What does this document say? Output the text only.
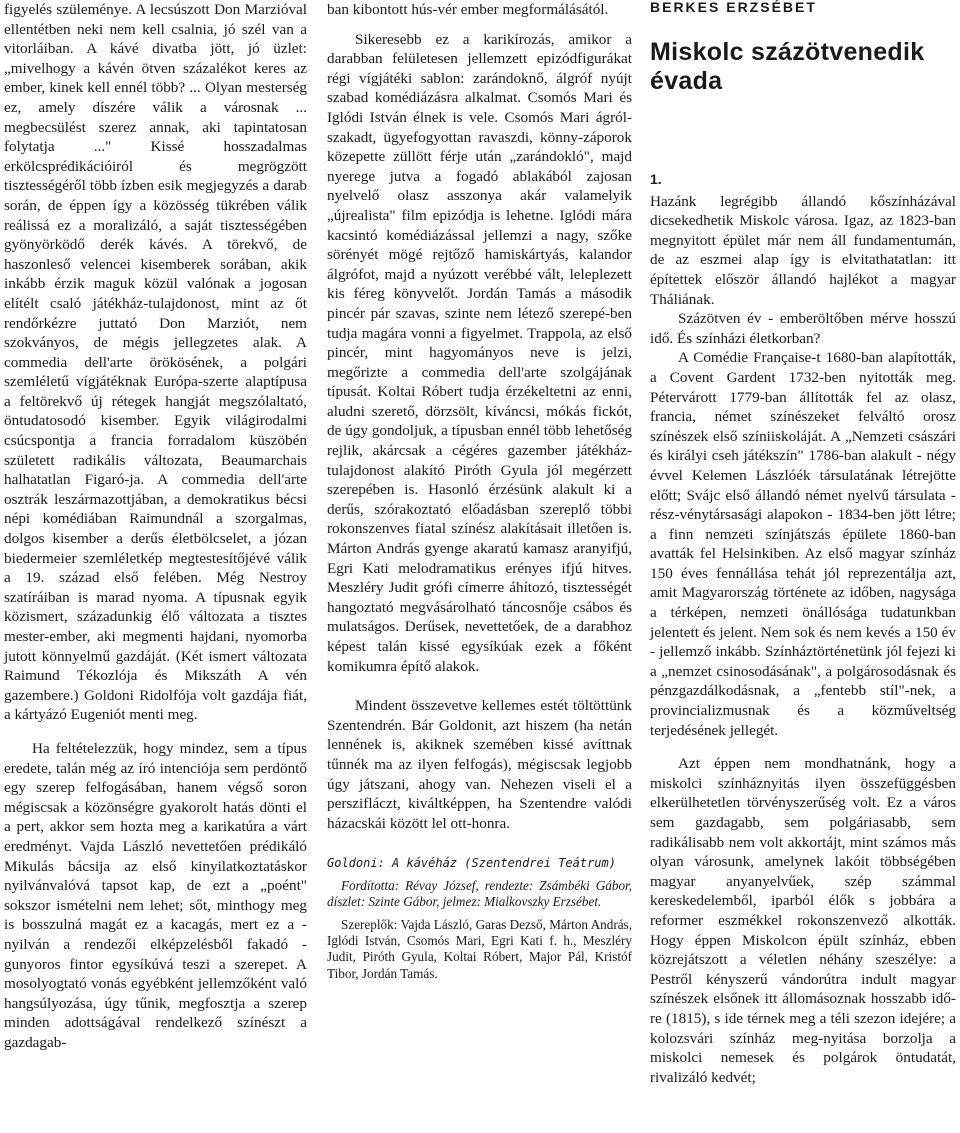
figyelés szüleménye. A lecsúszott Don Marzióval ellentétben neki nem kell csalnia, jó szél van a vitorláiban. A kávé divatba jött, jó üzlet: „mivelhogy a kávén ötven százalékot keres az ember, kinek kell ennél több? ... Olyan mesterség ez, amely díszére válik a városnak ... megbecsülést szerez annak, aki tapintatosan folytatja ..." Kissé hosszadalmas erkölcsprédikációiról és megrögzött tisztességéről több ízben esik megjegyzés a darab során, de éppen így a közösség tükrében válik reálissá ez a moralizáló, a saját tisztességében gyönyörködő derék kávés. A törekvő, de haszonleső velencei kisemberek sorában, akik inkább érzik maguk közül valónak a jogosan elítélt csaló játékház-tulajdonost, mint az őt rendőrkézre juttató Don Marziót, nem szokványos, de mégis jellegzetes alak. A commedia dell'arte örökösének, a polgári szemléletű vígjátéknak Európa-szerte alaptípusa a feltörekvő új rétegek hangját megszólaltató, öntudatosodó kisember. Egyik világirodalmi csúcspontja a francia forradalom küszöbén született radikális változata, Beaumarchais halhatatlan Figaró-ja. A commedia dell'arte osztrák leszármazottjában, a demokratikus bécsi népi komédiában Raimundnál a szorgalmas, dolgos kisember a derűs életbölcselet, a józan biedermeier szemléletkép megtestesítőjévé válik a 19. század első felében. Még Nestroy szatíráiban is marad nyoma. A típusnak egyik közismert, századunkig élő változata a tisztes mester-ember, aki megmenti hajdani, nyomorba jutott könnyelmű gazdáját. (Két ismert változata Raimund Tékozlója és Mikszáth A vén gazembere.) Goldoni Ridolfója volt gazdája fiát, a kártyázó Eugeniót menti meg.

Ha feltételezzük, hogy mindez, sem a típus eredete, talán még az író intenciója sem perdöntő egy szerep felfogásában, hanem végső soron mégiscsak a közönségre gyakorolt hatás dönti el a pert, akkor sem hozta meg a karikatúra a várt eredményt. Vajda László nevettetően prédikáló Mikulás bácsija az első kinyilatkoztatáskor nyilvánvalóvá tapsot kap, de ezt a „poént" sokszor ismételni nem lehet; sőt, minthogy meg is bosszulná magát ez a kacagás, mert ez a - nyilván a rendezői elképzelésből fakadó - gunyoros fintor egysíkúvá teszi a szerepet. A mosolyogtató vonás egyébként jellemzőként való hangsúlyozása, úgy tűnik, megfosztja a szerep minden adottságával rendelkező színészt a gazdagab-

ban kibontott hús-vér ember megformálásától.

Sikeresebb ez a karikírozás, amikor a darabban felületesen jellemzett epizódfigurákat régi vígjátéki sablon: zarándoknő, álgróf nyújt szabad komédiázásra alkalmat. Csomós Mari és Iglódi István élnek is vele. Csomós Mari ágról-szakadt, ügyefogyottan ravaszdi, könny-záporok közepette züllött férje után „zarándokló", majd nyerege jutva a fogadó ablakából zajosan nyelvelő olasz asszonya akár valamelyik „újrealista" film epizódja is lehetne. Iglódi mára kacsintó komédiázással jellemzi a nagy, szőke sörényét mögé rejtőző hamiskártyás, kalandor álgrófot, majd a nyúzott verébbé vált, leleplezett kis féreg könyvelőt. Jordán Tamás a második pincér pár szavas, szinte nem létező szerepé-ben tudja magára vonni a figyelmet. Trappola, az első pincér, mint hagyományos neve is jelzi, megőrizte a commedia dell'arte szolgájának típusát. Koltai Róbert tudja érzékeltetni az enni, aludni szerető, dörzsölt, kíváncsi, mókás fickót, de úgy gondoljuk, a típusban ennél több lehetőség rejlik, akárcsak a cégéres gazember játékház-tulajdonost alakító Piróth Gyula jól megérzett szerepében is. Hasonló érzésünk alakult ki a derűs, szórakoztató előadásban szereplő többi rokonszenves fiatal színész alakításait illetően is. Márton András gyenge akaratú kamasz aranyifjú, Egri Kati melodramatikus erényes ifjú hitves. Meszléry Judit grófi címerre áhítozó, tisztességét hangoztató megvásárolható táncosnője csábos és mulatságos. Derűsek, nevettetőek, de a darabhoz képest talán kissé egysíkúak ezek a főként komikumra építő alakok.

Mindent összevetve kellemes estét töltöttünk Szentendrén. Bár Goldonit, azt hiszem (ha netán lennének is, akiknek szemében kissé avíttnak tűnnék ma az ilyen felfogás), mégiscsak legjobb úgy játszani, ahogy van. Nehezen viseli el a perszifláczt, kiváltképpen, ha Szentendre valódi házacskái között lel ott-honra.

Goldoni: A kávéház (Szentendrei Teátrum)

Fordította: Révay József, rendezte: Zsámbéki Gábor, díszlet: Szinte Gábor, jelmez: Mialkovszky Erzsébet.

Szereplők: Vajda László, Garas Dezső, Márton András, Iglódi István, Csomós Mari, Egri Kati f. h., Meszléry Judit, Piróth Gyula, Koltai Róbert, Major Pál, Kristóf Tibor, Jordán Tamás.

BERKES ERZSÉBET
Miskolc százötvenedik évada
1.

Hazánk legrégibb állandó kőszínházával dicsekedhetik Miskolc városa. Igaz, az 1823-ban megnyitott épület már nem áll fundamentumán, de az eszmei alap így is elvitathatatlan: itt építettek először állandó hajlékot a magyar Tháliának.

Százötven év - emberöltőben mérve hosszú idő. És színházi életkorban?

A Comédie Française-t 1680-ban alapították, a Covent Gardent 1732-ben nyitották meg. Pétervárott 1779-ban állították fel az olasz, francia, német színészeket felváltó orosz színészek első színiiskoláját. A „Nemzeti császári és királyi cseh játékszín" 1786-ban alakult - négy évvel Kelemen Lászlóék társulatának létrejötte előtt; Svájc első állandó német nyelvű társulata - rész-vénytársasági alapokon - 1834-ben jött létre; a finn nemzeti színjátszás épülete 1860-ban avatták fel Helsinkiben. Az első magyar színház 150 éves fennállása tehát jól reprezentálja azt, amit Magyarország története az időben, nagysága a térképen, nemzeti önállósága tudatunkban jelentett és jelent. Nem sok és nem kevés a 150 év - jellemző inkább. Színháztörténetünk jól fejezi ki a „nemzet csinosodásának", a polgárosodásnak és pénzgazdálkodásnak, a „fentebb stíl"-nek, a provincializmusnak és a közműveltség terjedésének jellegét.

Azt éppen nem mondhatnánk, hogy a miskolci színháznyitás ilyen összefüggésben elkerülhetetlen törvényszerűség volt. Ez a város sem gazdagabb, sem polgáriasabb, sem radikálisabb nem volt akkortájt, mint számos más olyan városunk, amelynek lakóit többségében magyar anyanyelvűek, szép számmal kereskedelemből, iparból élők s jobbára a reformer eszmékkel rokonszenvező alkották. Hogy éppen Miskolcon épült színház, ebben közrejátszott a véletlen néhány szeszélye: a Pestről kényszerű vándorútra indult magyar színészek elsőnek itt állomásoznak hosszabb idő-re (1815), s ide térnek meg a téli szezon idejére; a kolozsvári színház meg-nyitása borzolja a miskolci nemesek és polgárok öntudatát, rivalizáló kedvét;
